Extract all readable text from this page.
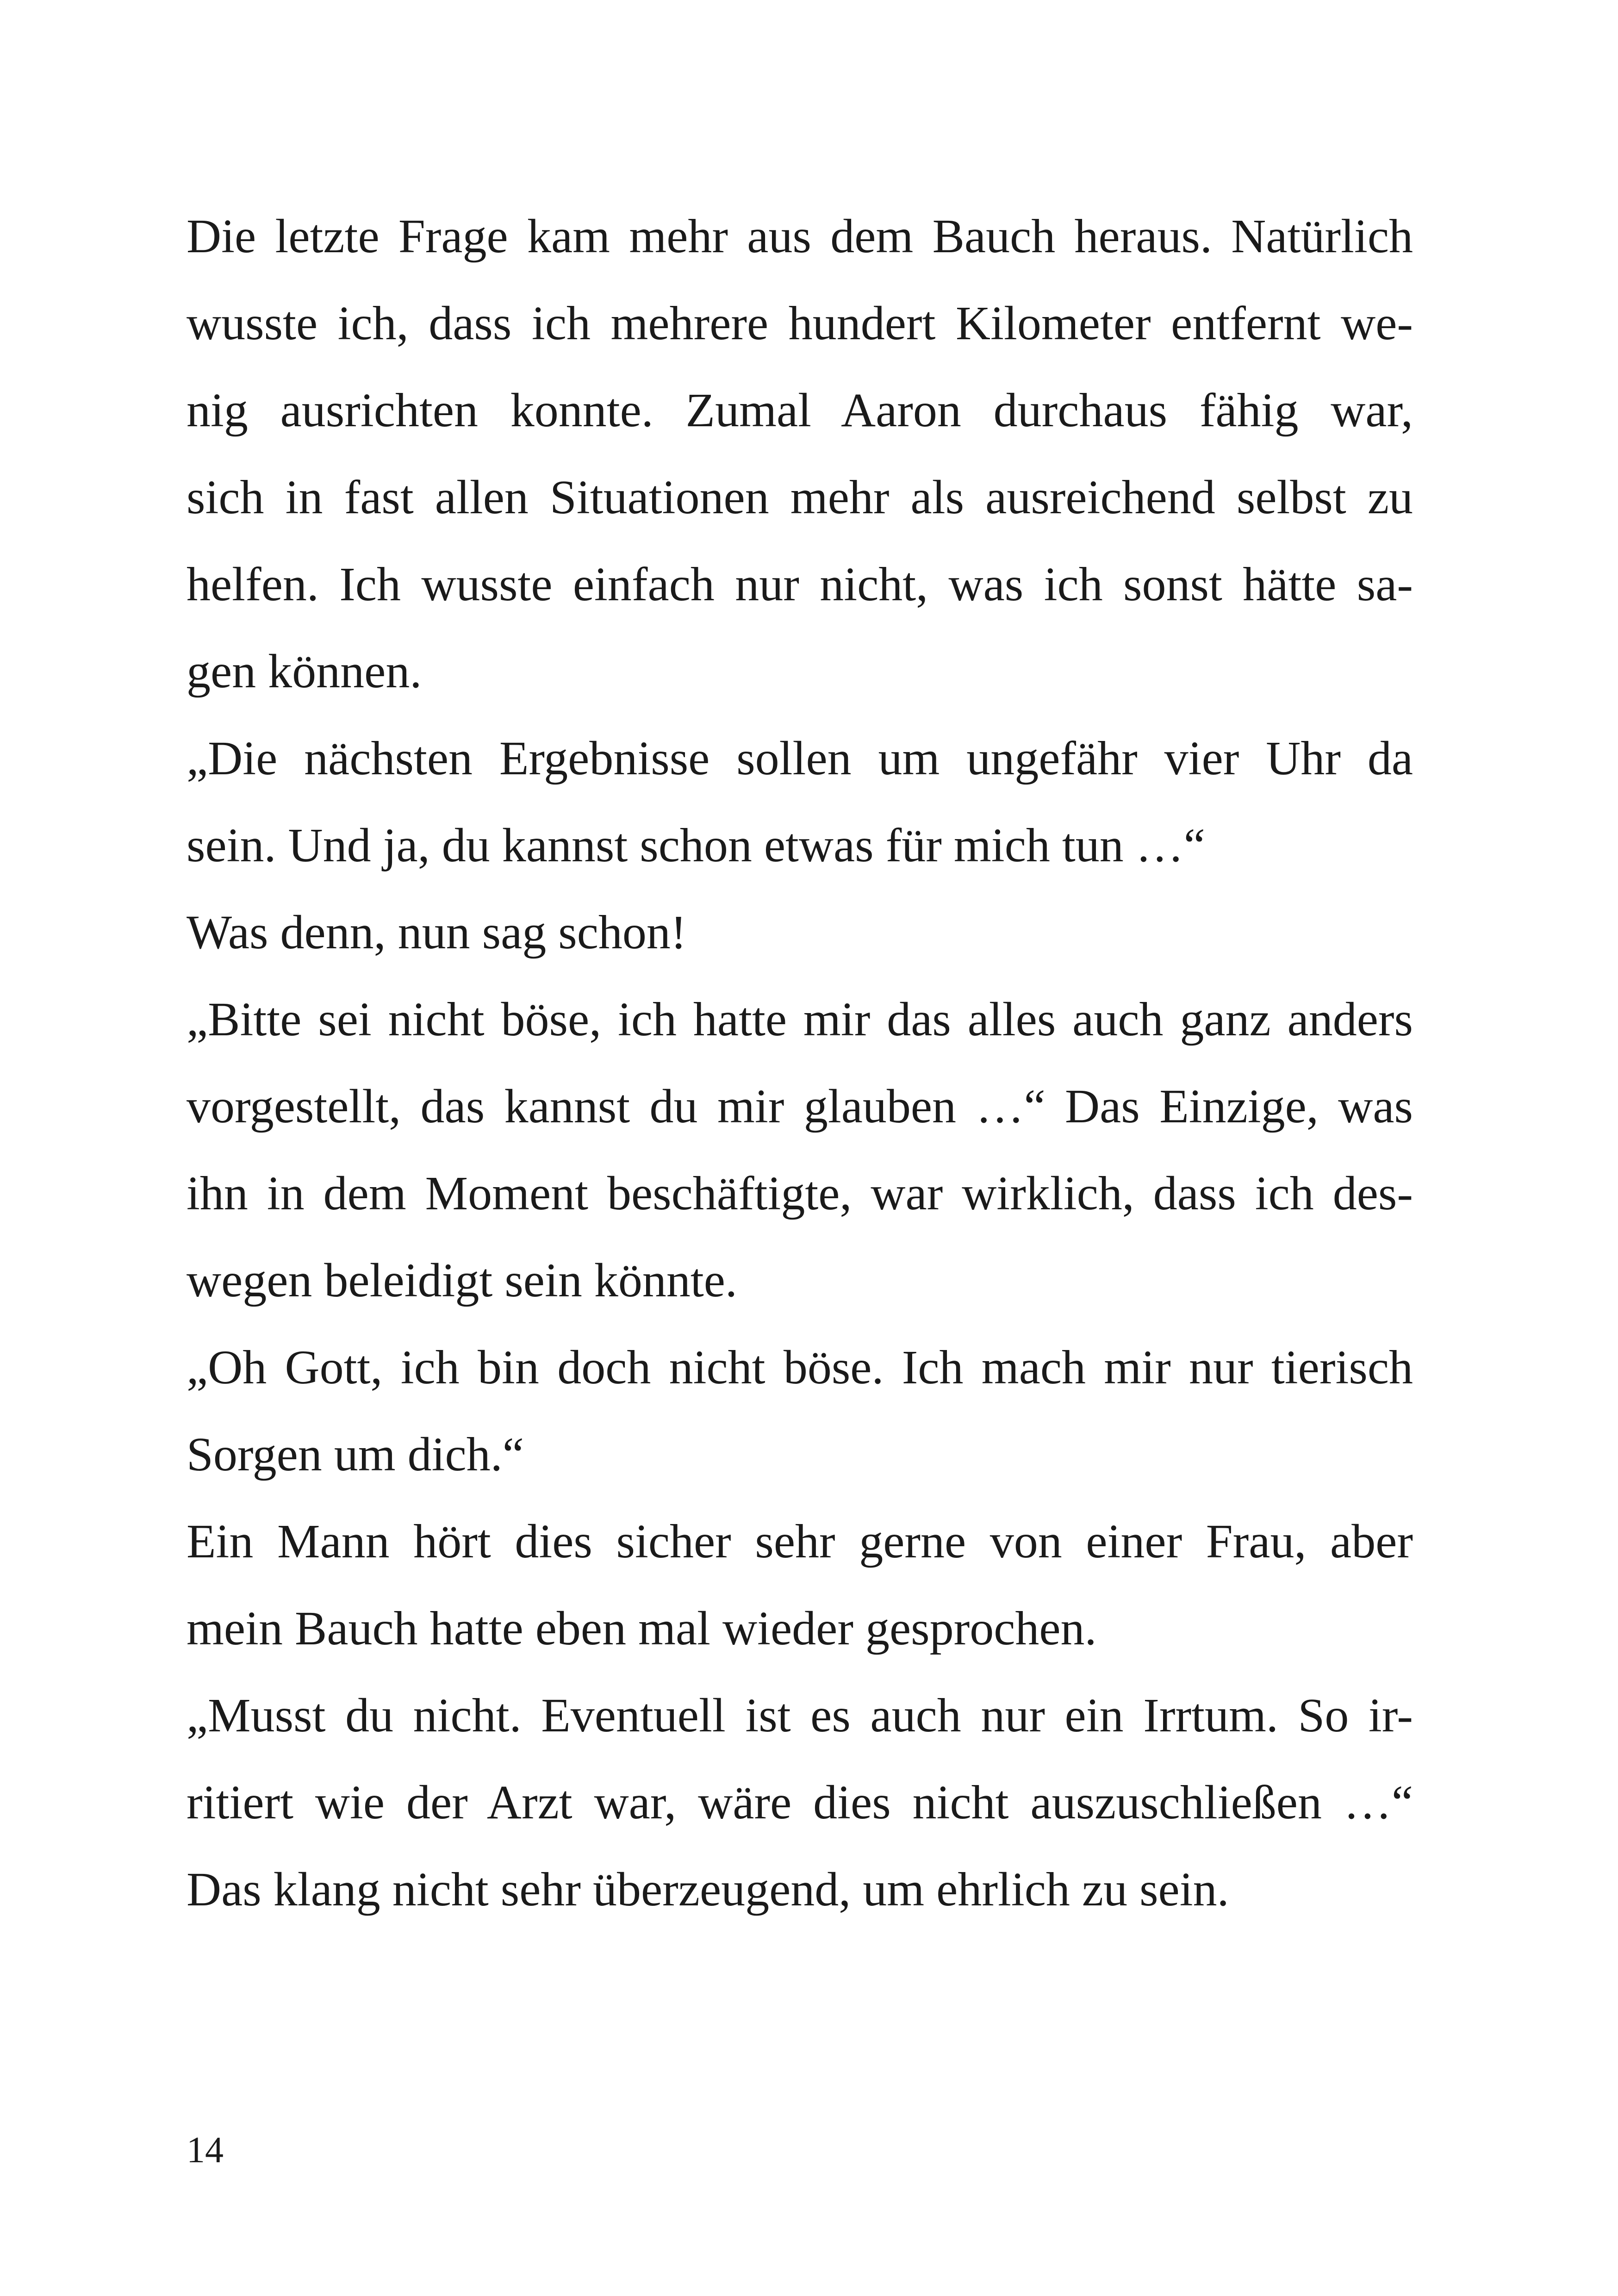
Die letzte Frage kam mehr aus dem Bauch heraus. Natürlich
wusste ich, dass ich mehrere hundert Kilometer entfernt we-
nig ausrichten konnte. Zumal Aaron durchaus fähig war,
sich in fast allen Situationen mehr als ausreichend selbst zu
helfen. Ich wusste einfach nur nicht, was ich sonst hätte sa-
gen können.
„Die nächsten Ergebnisse sollen um ungefähr vier Uhr da
sein. Und ja, du kannst schon etwas für mich tun …“
Was denn, nun sag schon!
„Bitte sei nicht böse, ich hatte mir das alles auch ganz anders
vorgestellt, das kannst du mir glauben …“ Das Einzige, was
ihn in dem Moment beschäftigte, war wirklich, dass ich des-
wegen beleidigt sein könnte.
„Oh Gott, ich bin doch nicht böse. Ich mach mir nur tierisch
Sorgen um dich.“
Ein Mann hört dies sicher sehr gerne von einer Frau, aber
mein Bauch hatte eben mal wieder gesprochen.
„Musst du nicht. Eventuell ist es auch nur ein Irrtum. So ir-
ritiert wie der Arzt war, wäre dies nicht auszuschließen …“
Das klang nicht sehr überzeugend, um ehrlich zu sein.
14
